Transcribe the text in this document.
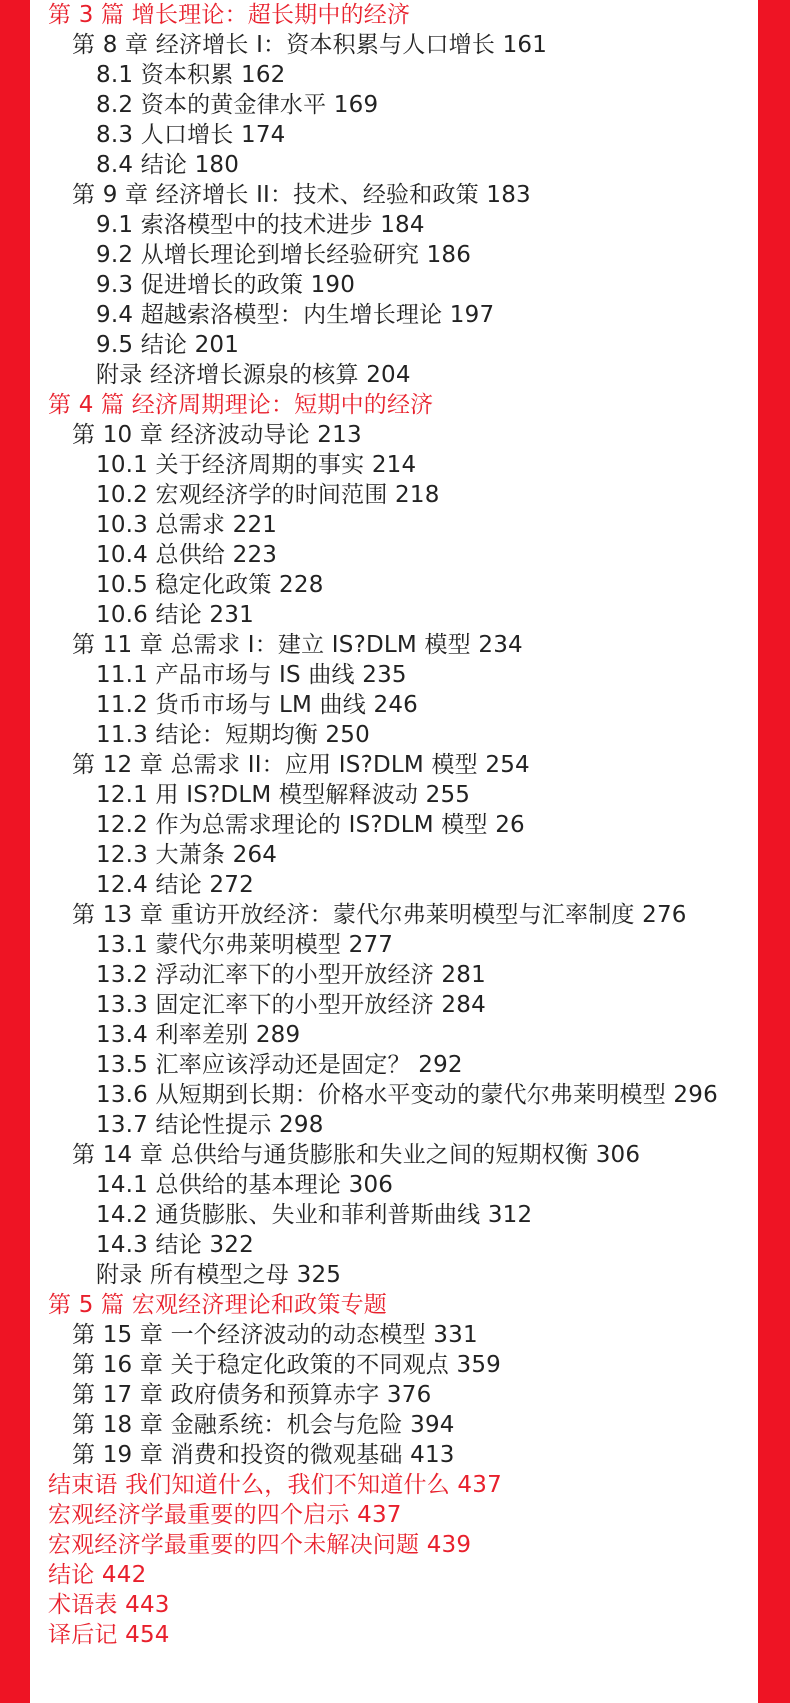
第 3 篇 增长理论：超长期中的经济
第 8 章 经济增长 I：资本积累与人口增长 161
8.1 资本积累 162
8.2 资本的黄金律水平 169
8.3 人口增长 174
8.4 结论 180
第 9 章 经济增长 II：技术、经验和政策 183
9.1 索洛模型中的技术进步 184
9.2 从增长理论到增长经验研究 186
9.3 促进增长的政策 190
9.4 超越索洛模型：内生增长理论 197
9.5 结论 201
附录 经济增长源泉的核算 204
第 4 篇 经济周期理论：短期中的经济
第 10 章 经济波动导论 213
10.1 关于经济周期的事实 214
10.2 宏观经济学的时间范围 218
10.3 总需求 221
10.4 总供给 223
10.5 稳定化政策 228
10.6 结论 231
第 11 章 总需求 I：建立 IS?DLM 模型 234
11.1 产品市场与 IS 曲线 235
11.2 货币市场与 LM 曲线 246
11.3 结论：短期均衡 250
第 12 章 总需求 II：应用 IS?DLM 模型 254
12.1 用 IS?DLM 模型解释波动 255
12.2 作为总需求理论的 IS?DLM 模型 26
12.3 大萧条 264
12.4 结论 272
第 13 章 重访开放经济：蒙代尔弗莱明模型与汇率制度 276
13.1 蒙代尔弗莱明模型 277
13.2 浮动汇率下的小型开放经济 281
13.3 固定汇率下的小型开放经济 284
13.4 利率差别 289
13.5 汇率应该浮动还是固定？ 292
13.6 从短期到长期：价格水平变动的蒙代尔弗莱明模型 296
13.7 结论性提示 298
第 14 章 总供给与通货膨胀和失业之间的短期权衡 306
14.1 总供给的基本理论 306
14.2 通货膨胀、失业和菲利普斯曲线 312
14.3 结论 322
附录 所有模型之母 325
第 5 篇 宏观经济理论和政策专题
第 15 章 一个经济波动的动态模型 331
第 16 章 关于稳定化政策的不同观点 359
第 17 章 政府债务和预算赤字 376
第 18 章 金融系统：机会与危险 394
第 19 章 消费和投资的微观基础 413
结束语 我们知道什么，我们不知道什么 437
宏观经济学最重要的四个启示 437
宏观经济学最重要的四个未解决问题 439
结论 442
术语表 443
译后记 454
